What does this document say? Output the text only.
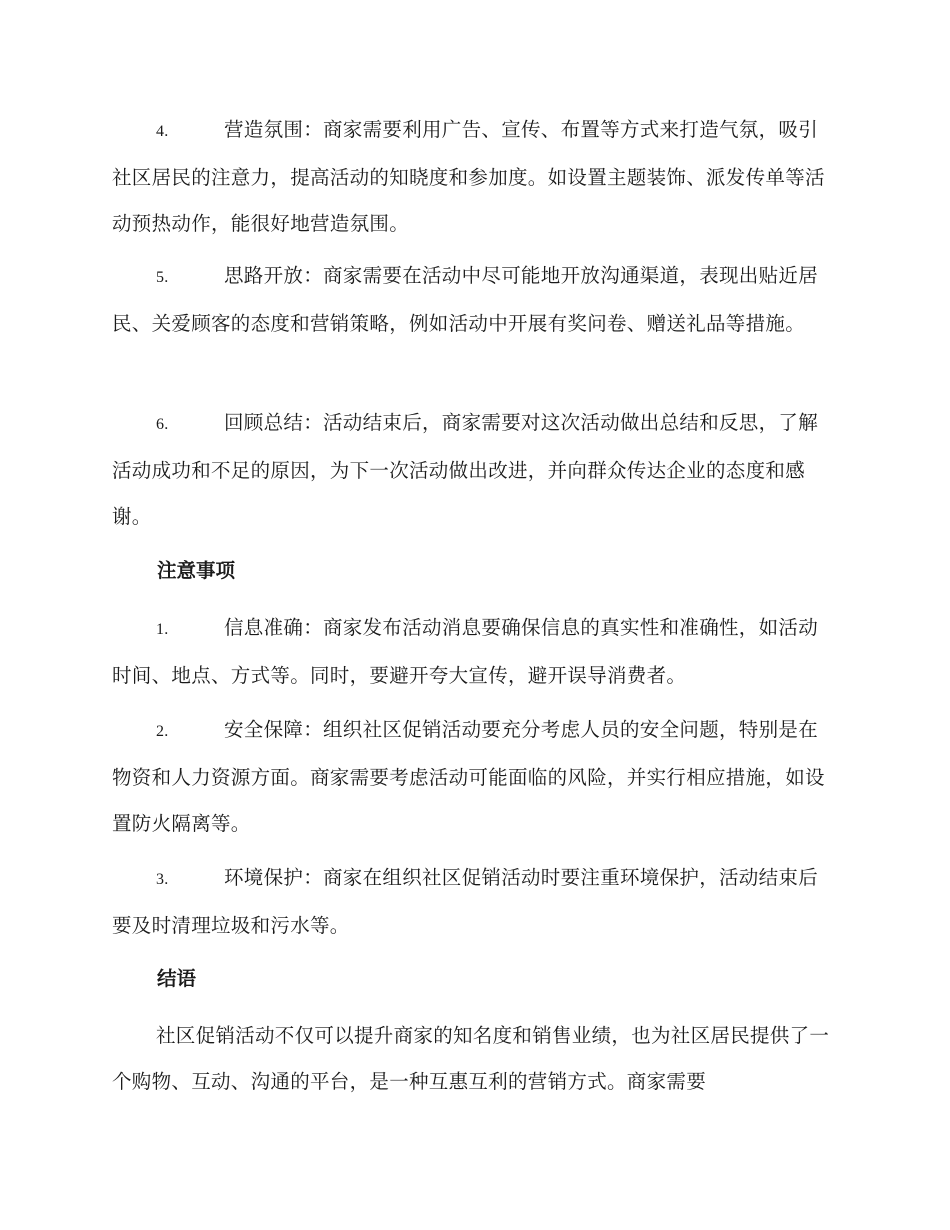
4.	营造氛围：商家需要利用广告、宣传、布置等方式来打造气氛，吸引社区居民的注意力，提高活动的知晓度和参加度。如设置主题装饰、派发传单等活动预热动作，能很好地营造氛围。
5.	思路开放：商家需要在活动中尽可能地开放沟通渠道，表现出贴近居民、关爱顾客的态度和营销策略，例如活动中开展有奖问卷、赠送礼品等措施。
6.	回顾总结：活动结束后，商家需要对这次活动做出总结和反思，了解活动成功和不足的原因，为下一次活动做出改进，并向群众传达企业的态度和感谢。
注意事项
1.	信息准确：商家发布活动消息要确保信息的真实性和准确性，如活动时间、地点、方式等。同时，要避开夸大宣传，避开误导消费者。
2.	安全保障：组织社区促销活动要充分考虑人员的安全问题，特别是在物资和人力资源方面。商家需要考虑活动可能面临的风险，并实行相应措施，如设置防火隔离等。
3.	环境保护：商家在组织社区促销活动时要注重环境保护，活动结束后要及时清理垃圾和污水等。
结语
社区促销活动不仅可以提升商家的知名度和销售业绩，也为社区居民提供了一个购物、互动、沟通的平台，是一种互惠互利的营销方式。商家需要
